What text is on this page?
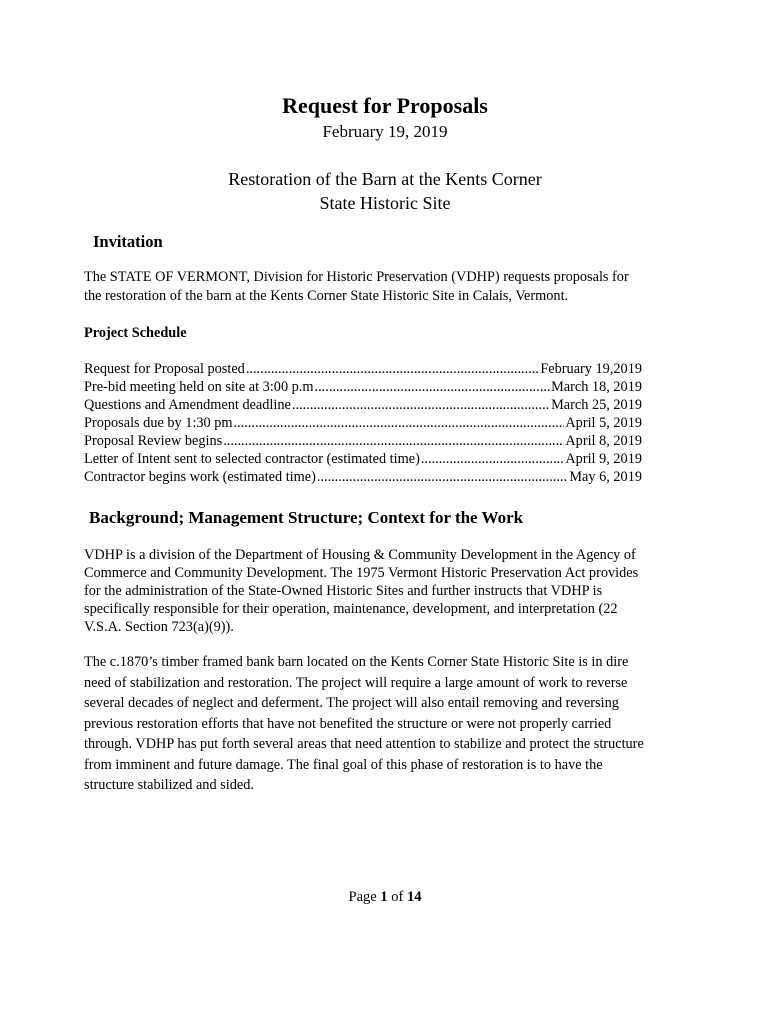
Request for Proposals
February 19, 2019
Restoration of the Barn at the Kents Corner
State Historic Site
Invitation
The STATE OF VERMONT, Division for Historic Preservation (VDHP) requests proposals for
the restoration of the barn at the Kents Corner State Historic Site in Calais, Vermont.
Project Schedule
Request for Proposal posted .....	February 19,2019
Pre-bid meeting held on site at 3:00 p.m .....	March 18, 2019
Questions and Amendment deadline .....	March 25, 2019
Proposals due by 1:30 pm .....	April 5, 2019
Proposal Review begins .....	April 8, 2019
Letter of Intent sent to selected contractor (estimated time) .....	April 9, 2019
Contractor begins work (estimated time) .....	May 6, 2019
Background; Management Structure; Context for the Work
VDHP is a division of the Department of Housing & Community Development in the Agency of
Commerce and Community Development. The 1975 Vermont Historic Preservation Act provides
for the administration of the State-Owned Historic Sites and further instructs that VDHP is
specifically responsible for their operation, maintenance, development, and interpretation (22
V.S.A. Section 723(a)(9)).
The c.1870’s timber framed bank barn located on the Kents Corner State Historic Site is in dire
need of stabilization and restoration. The project will require a large amount of work to reverse
several decades of neglect and deferment. The project will also entail removing and reversing
previous restoration efforts that have not benefited the structure or were not properly carried
through. VDHP has put forth several areas that need attention to stabilize and protect the structure
from imminent and future damage. The final goal of this phase of restoration is to have the
structure stabilized and sided.
Page 1 of 14
